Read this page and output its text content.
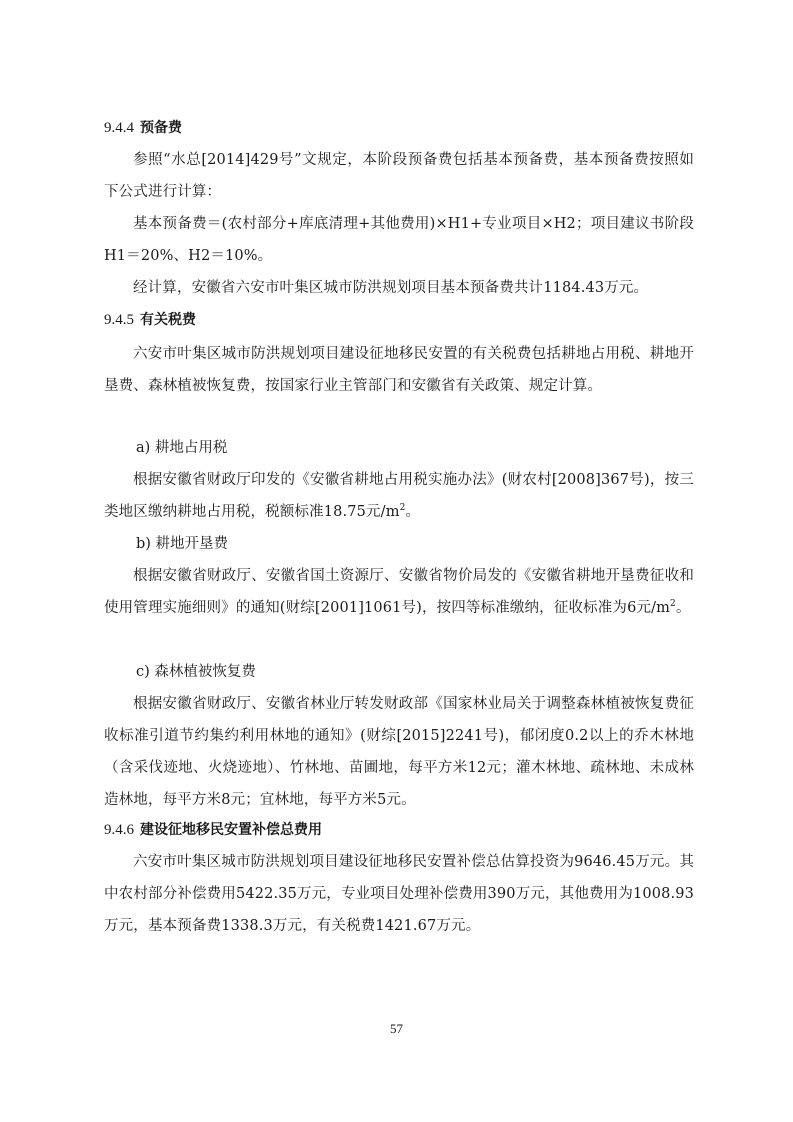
9.4.4 预备费
参照“水总[2014]429号”文规定，本阶段预备费包括基本预备费，基本预备费按照如下公式进行计算：
基本预备费＝(农村部分+库底清理+其他费用)×H1+专业项目×H2；项目建议书阶段H1＝20%、H2＝10%。
经计算，安徽省六安市叶集区城市防洪规划项目基本预备费共计1184.43万元。
9.4.5 有关税费
六安市叶集区城市防洪规划项目建设征地移民安置的有关税费包括耕地占用税、耕地开垦费、森林植被恢复费，按国家行业主管部门和安徽省有关政策、规定计算。
a) 耕地占用税
根据安徽省财政厅印发的《安徽省耕地占用税实施办法》(财农村[2008]367号)，按三类地区缴纳耕地占用税，税额标准18.75元$/m^2$。
b) 耕地开垦费
根据安徽省财政厅、安徽省国土资源厅、安徽省物价局发的《安徽省耕地开垦费征收和使用管理实施细则》的通知(财综[2001]1061号)，按四等标准缴纳，征收标准为6元$/m^2$。
c) 森林植被恢复费
根据安徽省财政厅、安徽省林业厅转发财政部《国家林业局关于调整森林植被恢复费征收标准引道节约集约利用林地的通知》(财综[2015]2241号)，郁闭度0.2以上的乔木林地（含采伐迹地、火烧迹地）、竹林地、苗圃地，每平方米12元；灌木林地、疏林地、未成林造林地，每平方米8元；宜林地，每平方米5元。
9.4.6 建设征地移民安置补偿总费用
六安市叶集区城市防洪规划项目建设征地移民安置补偿总估算投资为9646.45万元。其中农村部分补偿费用5422.35万元，专业项目处理补偿费用390万元，其他费用为1008.93万元，基本预备费1338.3万元，有关税费1421.67万元。
57
